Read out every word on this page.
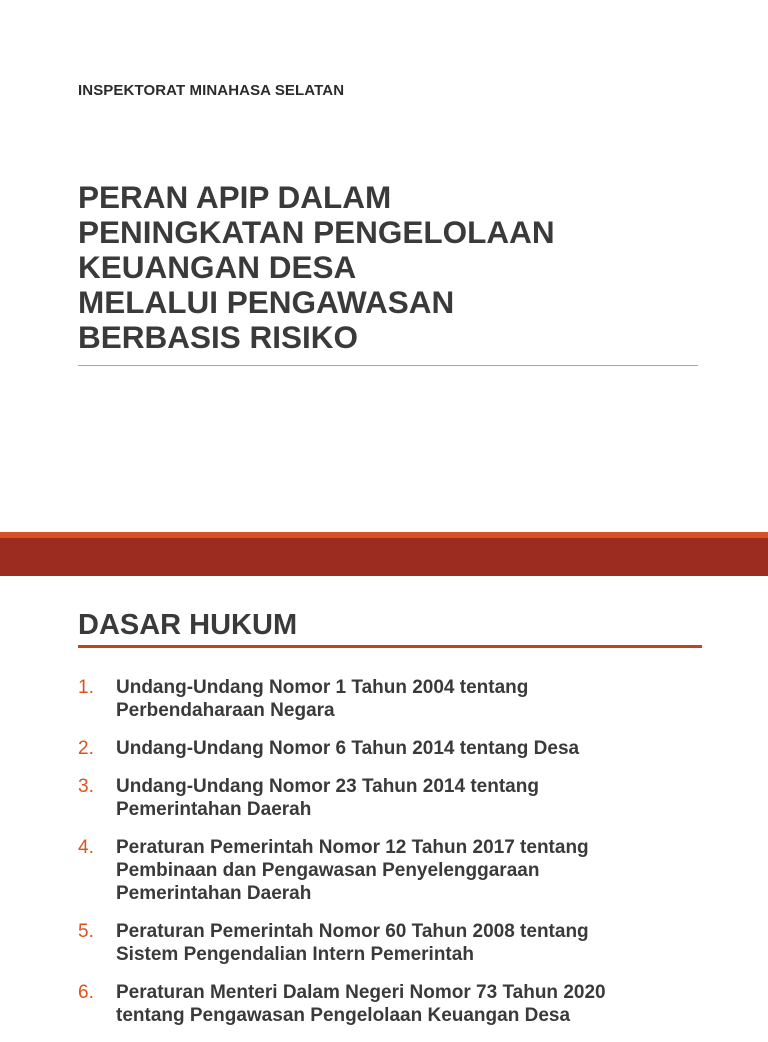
INSPEKTORAT MINAHASA SELATAN

PERAN APIP DALAM
PENINGKATAN PENGELOLAAN
KEUANGAN DESA
MELALUI PENGAWASAN
BERBASIS RISIKO
DASAR HUKUM
1. Undang-Undang Nomor 1 Tahun 2004 tentang
Perbendaharaan Negara
2. Undang-Undang Nomor 6 Tahun 2014 tentang Desa
3. Undang-Undang Nomor 23 Tahun 2014 tentang
Pemerintahan Daerah
4. Peraturan Pemerintah Nomor 12 Tahun 2017 tentang
Pembinaan dan Pengawasan Penyelenggaraan
Pemerintahan Daerah
5. Peraturan Pemerintah Nomor 60 Tahun 2008 tentang
Sistem Pengendalian Intern Pemerintah
6. Peraturan Menteri Dalam Negeri Nomor 73 Tahun 2020
tentang Pengawasan Pengelolaan Keuangan Desa
